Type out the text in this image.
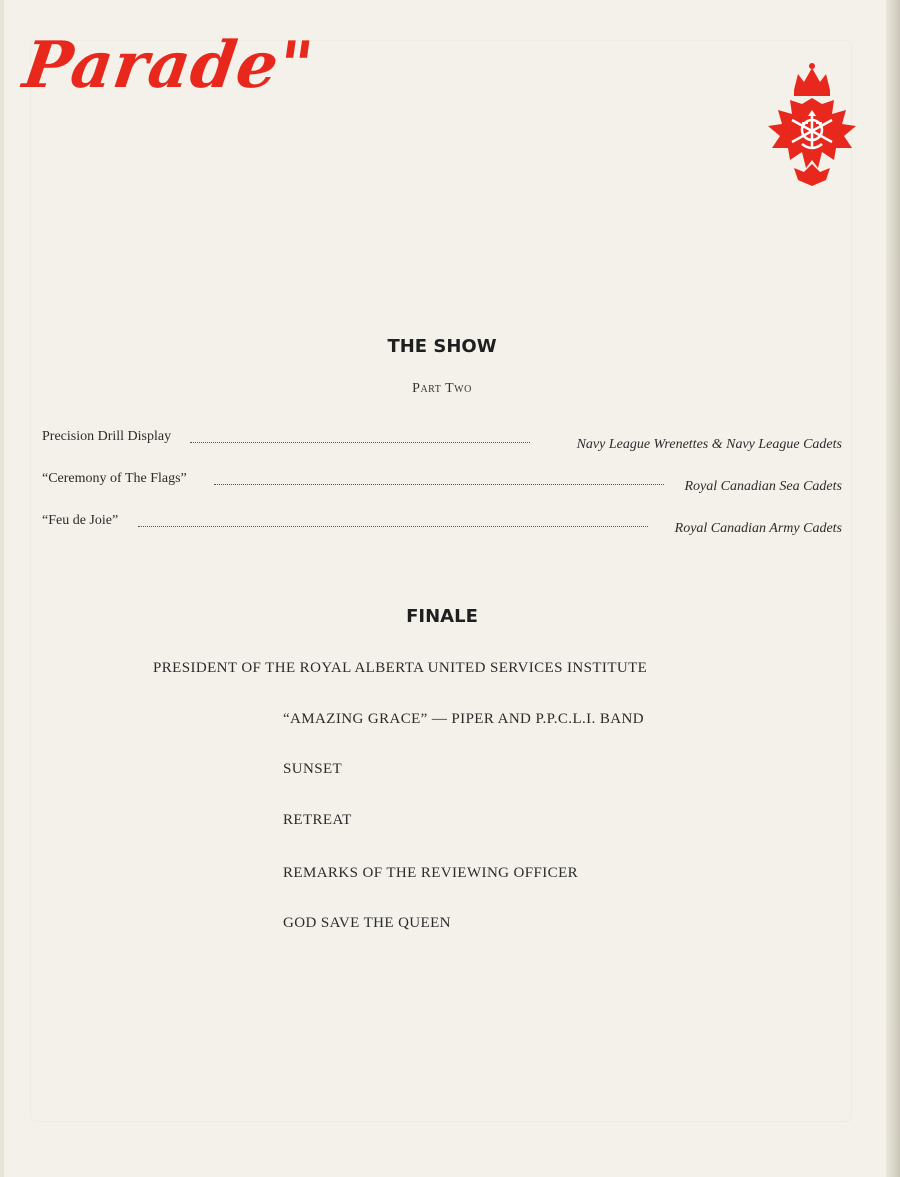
Parade"
THE SHOW
Part Two
Precision Drill Display
Navy League Wrenettes & Navy League Cadets
“Ceremony of The Flags”
Royal Canadian Sea Cadets
“Feu de Joie”
Royal Canadian Army Cadets
FINALE
PRESIDENT OF THE ROYAL ALBERTA UNITED SERVICES INSTITUTE
“AMAZING GRACE” — PIPER AND P.P.C.L.I. BAND
SUNSET
RETREAT
REMARKS OF THE REVIEWING OFFICER
GOD SAVE THE QUEEN
